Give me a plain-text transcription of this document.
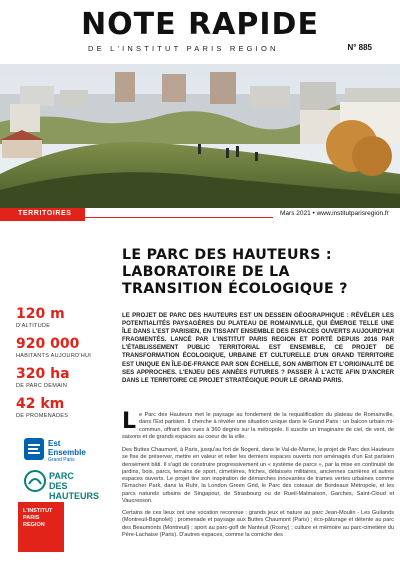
NOTE RAPIDE
DE L'INSTITUT PARIS REGION	N° 885
TERRITOIRES	Mars 2021 • www.institutparisregion.fr
LE PARC DES HAUTEURS : LABORATOIRE DE LA TRANSITION ÉCOLOGIQUE ?
LE PROJET DE PARC DES HAUTEURS EST UN DESSEIN GÉOGRAPHIQUE : RÉVÉLER LES POTENTIALITÉS PAYSAGÈRES DU PLATEAU DE ROMAINVILLE, QUI ÉMERGE TELLE UNE ÎLE DANS L'EST PARISIEN, EN TISSANT ENSEMBLE DES ESPACES OUVERTS AUJOURD'HUI FRAGMENTÉS. LANCÉ PAR L'INSTITUT PARIS REGION ET PORTÉ DEPUIS 2016 PAR L'ÉTABLISSEMENT PUBLIC TERRITORIAL EST ENSEMBLE, CE PROJET DE TRANSFORMATION ÉCOLOGIQUE, URBAINE ET CULTURELLE D'UN GRAND TERRITOIRE EST UNIQUE EN ÎLE-DE-FRANCE PAR SON ÉCHELLE, SON AMBITION ET L'ORIGINALITÉ DE SES APPROCHES. L'ENJEU DES ANNÉES FUTURES ? PASSER À L'ACTE AFIN D'ANCRER DANS LE TERRITOIRE CE PROJET STRATÉGIQUE POUR LE GRAND PARIS.
Le Parc des Hauteurs met le paysage au fondement de la requalification du plateau de Romainville, dans l'Est parisien. Il cherche à révéler une situation unique dans le Grand Paris : un balcon urbain mi-commun, offrant des vues à 360 degrés sur la métropole. Il suscite un imaginaire de ciel, de vent, de saisons et de grands espaces au coeur de la ville.
Des Buttes Chaumont, à Paris, jusqu'au fort de Nogent, dans le Val-de-Marne, le projet de Parc des Hauteurs se fixe de préserver, mettre en valeur et relier les derniers espaces ouverts non aménagés d'un Est parisien densément bâti. Il s'agit de construire progressivement un « système de parcs », par la mise en continuité de jardins, bois, parcs, terrains de sport, cimetières, friches, délaissés militaires, anciennes carrières et autres espaces ouverts. Le projet tire son inspiration de démarches innovantes de trames vertes urbaines comme l'Emscher Park, dans la Ruhr, la London Green Grid, le Parc des coteaux de Bordeaux Métropole, et les parcs naturels urbains de Singapour, de Strasbourg ou de Rueil-Malmaison, Garches, Saint-Cloud et Vaucresson.
Certains de ces lieux ont une vocation reconnue : grands jeux et nature au parc Jean-Moulin - Les Guilands (Montreuil-Bagnolet) ; promenade et paysage aux Buttes Chaumont (Paris) ; éco-pâturage et détente au parc des Beaumonts (Montreuil) ; sport au parc-golf de Nanteuil (Rosny) ; culture et mémoire au parc-cimetière du Père-Lachaise (Paris). D'autres espaces, comme la corniche des
120 m
D'ALTITUDE
920 000
HABITANTS AUJOURD'HUI
320 ha
DE PARC DEMAIN
42 km
DE PROMENADES
Est
Ensemble
Grand Paris
PARC
DES HAUTEURS
L'INSTITUT
PARIS
REGION
